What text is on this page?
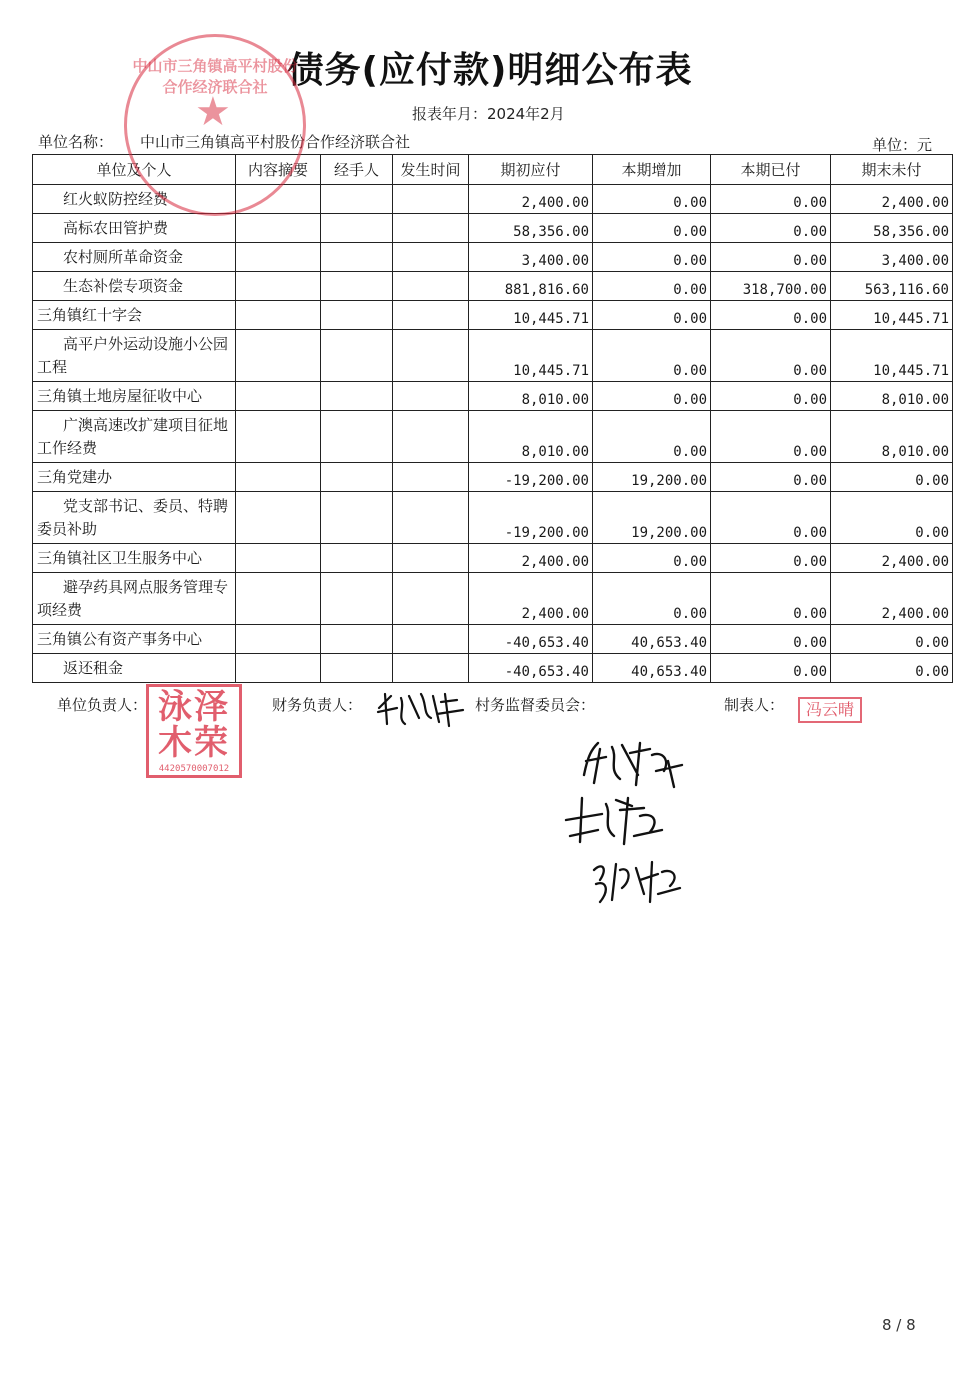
债务(应付款)明细公布表
报表年月：2024年2月
单位名称： 中山市三角镇高平村股份合作经济联合社	单位：元
单位及个人	内容摘要	经手人	发生时间	期初应付	本期增加	本期已付	期末未付
红火蚁防控经费				2,400.00	0.00	0.00	2,400.00
高标农田管护费				58,356.00	0.00	0.00	58,356.00
农村厕所革命资金				3,400.00	0.00	0.00	3,400.00
生态补偿专项资金				881,816.60	0.00	318,700.00	563,116.60
三角镇红十字会				10,445.71	0.00	0.00	10,445.71
高平户外运动设施小公园工程				10,445.71	0.00	0.00	10,445.71
三角镇土地房屋征收中心				8,010.00	0.00	0.00	8,010.00
广澳高速改扩建项目征地工作经费				8,010.00	0.00	0.00	8,010.00
三角党建办				-19,200.00	19,200.00	0.00	0.00
党支部书记、委员、特聘委员补助				-19,200.00	19,200.00	0.00	0.00
三角镇社区卫生服务中心				2,400.00	0.00	0.00	2,400.00
避孕药具网点服务管理专项经费				2,400.00	0.00	0.00	2,400.00
三角镇公有资产事务中心				-40,653.40	40,653.40	0.00	0.00
返还租金				-40,653.40	40,653.40	0.00	0.00
★
中山市三角镇高平村股份合作经济联合社
单位负责人： 泳泽木荣
4420570007012
财务负责人：	村务监督委员会：	制表人：	冯云晴
8 / 8
